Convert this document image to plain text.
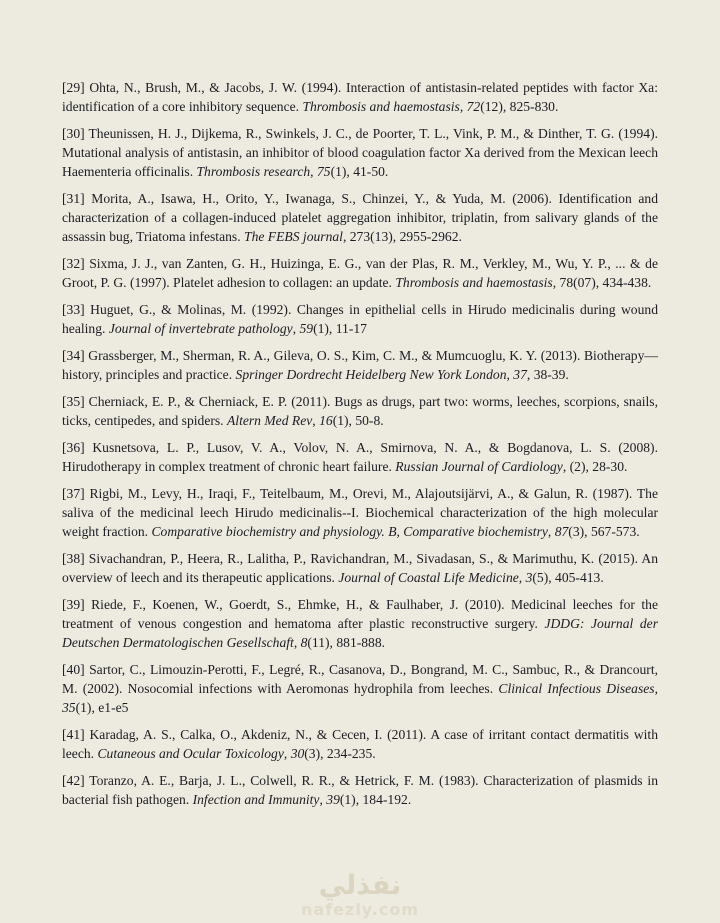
[29] Ohta, N., Brush, M., & Jacobs, J. W. (1994). Interaction of antistasin-related peptides with factor Xa: identification of a core inhibitory sequence. Thrombosis and haemostasis, 72(12), 825-830.

[30] Theunissen, H. J., Dijkema, R., Swinkels, J. C., de Poorter, T. L., Vink, P. M., & Dinther, T. G. (1994). Mutational analysis of antistasin, an inhibitor of blood coagulation factor Xa derived from the Mexican leech Haementeria officinalis. Thrombosis research, 75(1), 41-50.

[31] Morita, A., Isawa, H., Orito, Y., Iwanaga, S., Chinzei, Y., & Yuda, M. (2006). Identification and characterization of a collagen-induced platelet aggregation inhibitor, triplatin, from salivary glands of the assassin bug, Triatoma infestans. The FEBS journal, 273(13), 2955-2962.

[32] Sixma, J. J., van Zanten, G. H., Huizinga, E. G., van der Plas, R. M., Verkley, M., Wu, Y. P., ... & de Groot, P. G. (1997). Platelet adhesion to collagen: an update. Thrombosis and haemostasis, 78(07), 434-438.

[33] Huguet, G., & Molinas, M. (1992). Changes in epithelial cells in Hirudo medicinalis during wound healing. Journal of invertebrate pathology, 59(1), 11-17

[34] Grassberger, M., Sherman, R. A., Gileva, O. S., Kim, C. M., & Mumcuoglu, K. Y. (2013). Biotherapy—history, principles and practice. Springer Dordrecht Heidelberg New York London, 37, 38-39.

[35] Cherniack, E. P., & Cherniack, E. P. (2011). Bugs as drugs, part two: worms, leeches, scorpions, snails, ticks, centipedes, and spiders. Altern Med Rev, 16(1), 50-8.

[36] Kusnetsova, L. P., Lusov, V. A., Volov, N. A., Smirnova, N. A., & Bogdanova, L. S. (2008). Hirudotherapy in complex treatment of chronic heart failure. Russian Journal of Cardiology, (2), 28-30.

[37] Rigbi, M., Levy, H., Iraqi, F., Teitelbaum, M., Orevi, M., Alajoutsijärvi, A., & Galun, R. (1987). The saliva of the medicinal leech Hirudo medicinalis--I. Biochemical characterization of the high molecular weight fraction. Comparative biochemistry and physiology. B, Comparative biochemistry, 87(3), 567-573.

[38] Sivachandran, P., Heera, R., Lalitha, P., Ravichandran, M., Sivadasan, S., & Marimuthu, K. (2015). An overview of leech and its therapeutic applications. Journal of Coastal Life Medicine, 3(5), 405-413.

[39] Riede, F., Koenen, W., Goerdt, S., Ehmke, H., & Faulhaber, J. (2010). Medicinal leeches for the treatment of venous congestion and hematoma after plastic reconstructive surgery. JDDG: Journal der Deutschen Dermatologischen Gesellschaft, 8(11), 881-888.

[40] Sartor, C., Limouzin-Perotti, F., Legré, R., Casanova, D., Bongrand, M. C., Sambuc, R., & Drancourt, M. (2002). Nosocomial infections with Aeromonas hydrophila from leeches. Clinical Infectious Diseases, 35(1), e1-e5

[41] Karadag, A. S., Calka, O., Akdeniz, N., & Cecen, I. (2011). A case of irritant contact dermatitis with leech. Cutaneous and Ocular Toxicology, 30(3), 234-235.

[42] Toranzo, A. E., Barja, J. L., Colwell, R. R., & Hetrick, F. M. (1983). Characterization of plasmids in bacterial fish pathogen. Infection and Immunity, 39(1), 184-192.

نفذلي
nafezly.com
